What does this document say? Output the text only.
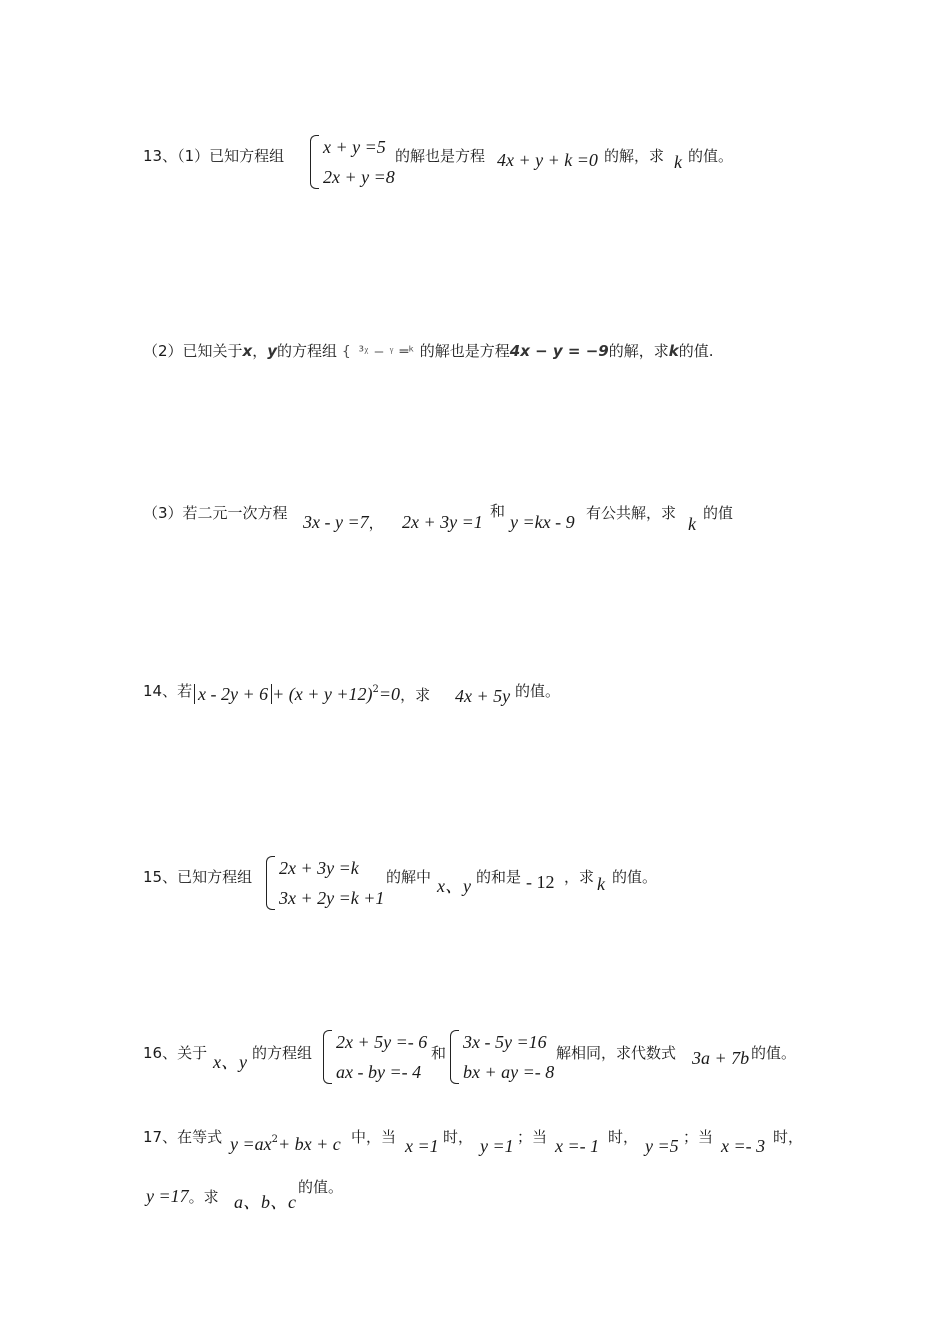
13、（1）已知方程组 x + y =5
2x + y =8
的解也是方程 4x + y + k =0 的解，求 k 的值。
（2）已知关于x，y的方程组 { ³ᵡ ‒ ᵞ ═ᵏ 的解也是方程4x − y = −9的解，求k的值.
（3）若二元一次方程 3x - y =7， 2x + 3y =1
和
y =kx - 9 有公共解，求
k
的值
14、若 $x - 2y + 6 + (x + y +12)^2=0$，求 4x + 5y 的值。
15、已知方程组 2x + 3y =k
3x + 2y =k +1
的解中 x、y 的和是 - 12 ，求 k 的值。
16、关于 x、y 的方程组
2x + 5y =- 6
ax - by =- 4
和
3x - 5y =16
bx + ay =- 8
解相同，求代数式 3a + 7b 的值。
17、在等式 $y =ax^2+$ bx + c 中，当 x =1 时， y =1 ；当 x =- 1 时， y =5 ；当 x =- 3 时，
y =17。求 a、b、c
的值。
